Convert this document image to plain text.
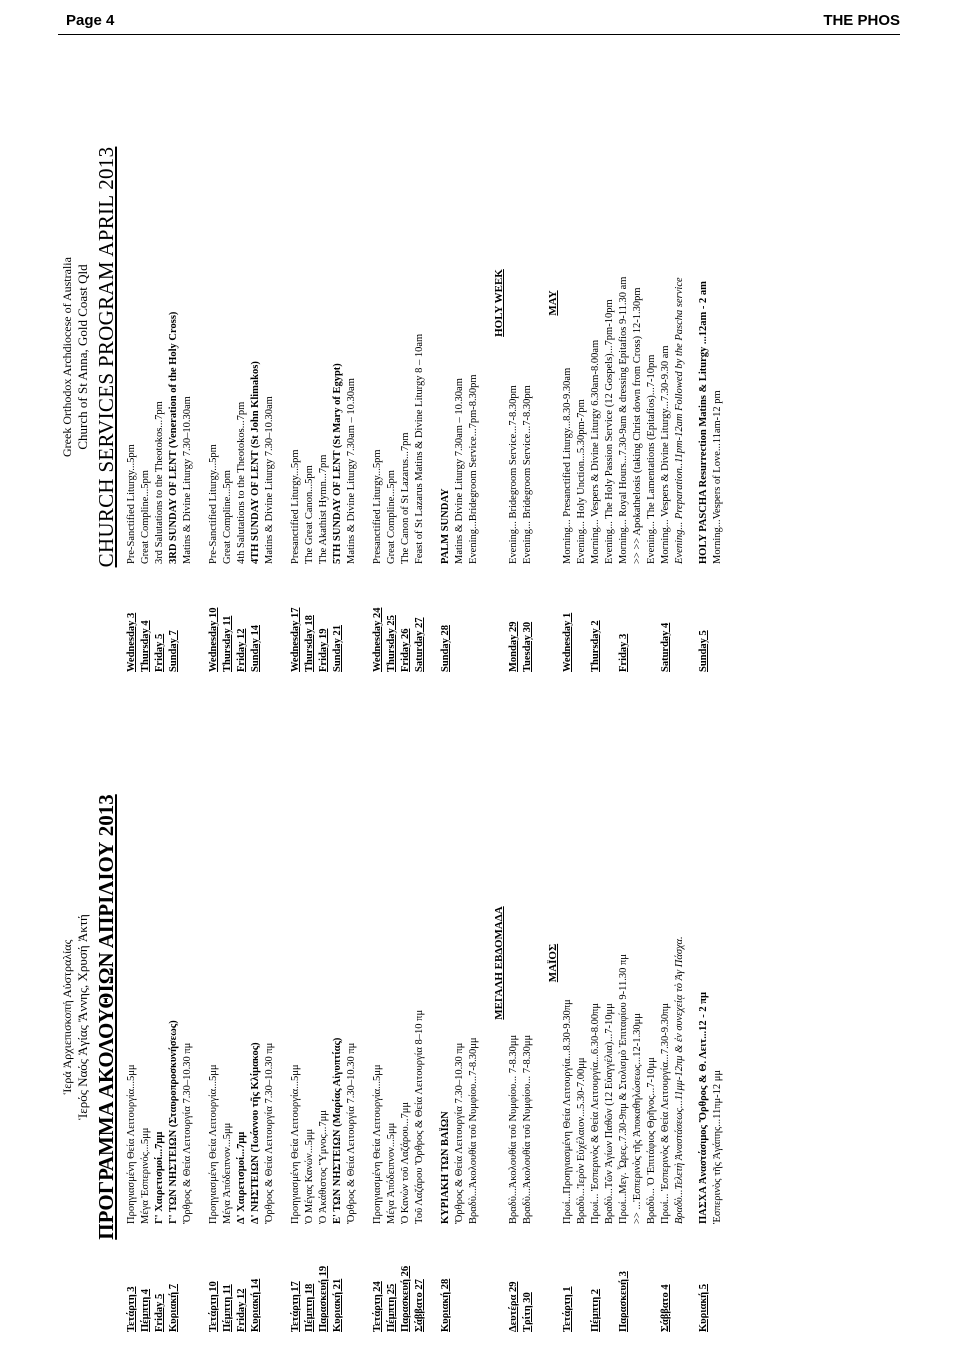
Page 4	THE PHOS
Ἱερά Ἀρχιεπισκοπή Αὐστραλίας Ἱερός Ναός Ἁγίας Ἄννης, Χρυσή Ἀκτή ΠΡΟΓΡΑΜΜΑ ΑΚΟΛΟΥΘΙΩΝ ΑΠΡΙΛΙΟΥ 2013
Τετάρτη 3
Προηγιασμένη Θεία Λειτουργία...5μμ
Πέμπτη 4
Μέγα Ἑσπερινός...5μμ
Friday 5
Γ' Χαιρετισμοί...7μμ
Κυριακή 7
Γ' ΤΩΝ ΝΗΣΤΕΙΩΝ (Σταυροπροσκυνήσεως) Ὄρθρος & Θεία Λειτουργία 7.30–10.30 πμ
Τετάρτη 10
Προηγιασμένη Θεία Λειτουργία...5μμ
Πέμπτη 11
Μέγα Ἀπόδειπνον...5μμ
Friday 12
Δ' Χαιρετισμοί...7μμ
Κυριακή 14
Δ' ΝΗΣΤΕΙΩΝ (Ἰωάννου τῆς Κλίμακος) Ὄρθρος & Θεία Λειτουργία 7.30–10.30 πμ
Τετάρτη 17
Προηγιασμένη Θεία Λειτουργία...5μμ
Πέμπτη 18
Ὁ Μέγας Κανών...5μμ
Παρασκευή 19
Ὁ Ἀκάθιστος Ὕμνος...7μμ
Κυριακή 21
Ε' ΤΩΝ ΝΗΣΤΕΙΩΝ (Μαρίας Αἰγυπτίας) Ὄρθρος & Θεία Λειτουργία 7.30–10.30 πμ
Τετάρτη 24
Προηγιασμένη Θεία Λειτουργία...5μμ
Πέμπτη 25
Μέγα Ἀπόδειπνον...5μμ
Παρασκευή 26
Ὁ Κανὼν τοῦ Λαζάρου...7μμ
Σάββατο 27
Τοῦ Λαζάρου Ὄρθρος & Θεία Λειτουργία 8–10 πμ
Κυριακή 28
ΚΥΡΙΑΚΗ ΤΩΝ ΒΑΪΩΝ Ὄρθρος & Θεία Λειτουργία 7.30–10.30 πμ Βραδὺ...Ἀκολουθία τοῦ Νυμφίου...7-8.30μμ
ΜΕΓΑΛΗ ΕΒΔΟΜΑΔΑ
Δευτέρα 29
Βραδὺ...Ἀκολουθία τοῦ Νυμφίου... 7-8.30μμ
Τρίτη 30
Βραδὺ...Ἀκολουθία τοῦ Νυμφίου... 7-8.30μμ
ΜΑΪΟΣ
Τετάρτη 1
Πρωί...Προηγιασμένη Θεία Λειτουργία...8.30-9.30πμ Βραδὺ...Ἱερὸν Εὐχέλαιον...5.30-7.00μμ
Πέμπτη 2
Πρωί... Ἑσπερινὸς & Θεία Λειτουργία...6.30-8.00πμ Βραδὺ...Τῶν Ἁγίων Παθῶν (12 Εὐαγγέλια)...7-10μμ
Παρασκευή 3
Πρωί...Μεγ. Ὧρες..7.30-9πμ & Στολισμὸ Ἐπιταφίου 9-11.30 πμ >> ...Ἑσπερινὸς τῆς Ἀποκαθηλώσεως...12-1.30μμ Βραδὺ... Ὁ Ἐπιτάφιος Θρῆνος...7-10μμ
Σάββατο 4
Πρωί... Ἑσπερινὸς & Θεία Λειτουργία...7.30-9.30πμ Βραδὺ...Τελετὴ Ἀναστάσεως...11μμ-12πμ & ἐν συνεχείᾳ τὸ Ἁγ Πάσχα.
Κυριακή 5
ΠΑΣΧΑ Ἀναστάσιμος Ὄρθρος & Θ. Λειτ...12 - 2 πμ Ἑσπερινὸς τῆς Ἀγάπης...11πμ-12 μμ
Greek Orthodox Archdiocese of Australia Church of St Anna, Gold Coast Qld CHURCH SERVICES PROGRAM APRIL 2013
Wednesday 3
Pre-Sanctified Liturgy...5pm
Thursday 4
Great Compline...5pm
Friday 5
3rd Salutations to the Theotokos...7pm
Sunday 7
3RD SUNDAY OF LENT (Veneration of the Holy Cross) Matins & Divine Liturgy 7.30–10.30am
Wednesday 10
Pre-Sanctified Liturgy...5pm
Thursday 11
Great Compline...5pm
Friday 12
4th Salutations to the Theotokos...7pm
Sunday 14
4TH SUNDAY OF LENT (St John Klimakos) Matins & Divine Liturgy 7.30–10.30am
Wednesday 17
Presanctified Liturgy...5pm
Thursday 18
The Great Canon...5pm
Friday 19
The Akathist Hymn...7pm
Sunday 21
5TH SUNDAY OF LENT (St Mary of Egypt) Matins & Divine Liturgy 7.30am – 10.30am
Wednesday 24
Presanctified Liturgy...5pm
Thursday 25
Great Compline...5pm
Friday 26
The Canon of St Lazarus...7pm
Saturday 27
Feast of St Lazarus Matins & Divine Liturgy 8 – 10am
Sunday 28
PALM SUNDAY Matins & Divine Liturgy 7.30am – 10.30am Evening...Bridegroom Service...7pm-8.30pm
HOLY WEEK
Monday 29
Evening... Bridegroom Service...7-8.30pm
Tuesday 30
Evening... Bridegroom Service...7-8.30pm
MAY
Wednesday 1
Morning... Presanctified Liturgy...8.30-9.30am Evening... Holy Unction...5.30pm-7pm
Thursday 2
Morning... Vespers & Divine Liturgy 6.30am-8.00am Evening... The Holy Passion Service (12 Gospels)...7pm-10pm
Friday 3
Morning... Royal Hours...7.30-9am & dressing Epitafios 9-11.30 am >> >> Apokathelosis (taking Christ down from Cross) 12-1.30pm Evening... The Lamentations (Epitafios)...7-10pm
Saturday 4
Morning... Vespers & Divine Liturgy...7.30-9.30 am Evening... Preparation..11pm-12am Followed by the Pascha service
Sunday 5
HOLY PASCHA Resurrection Matins & Liturgy ...12am - 2 am Morning...Vespers of Love...11am-12 pm
